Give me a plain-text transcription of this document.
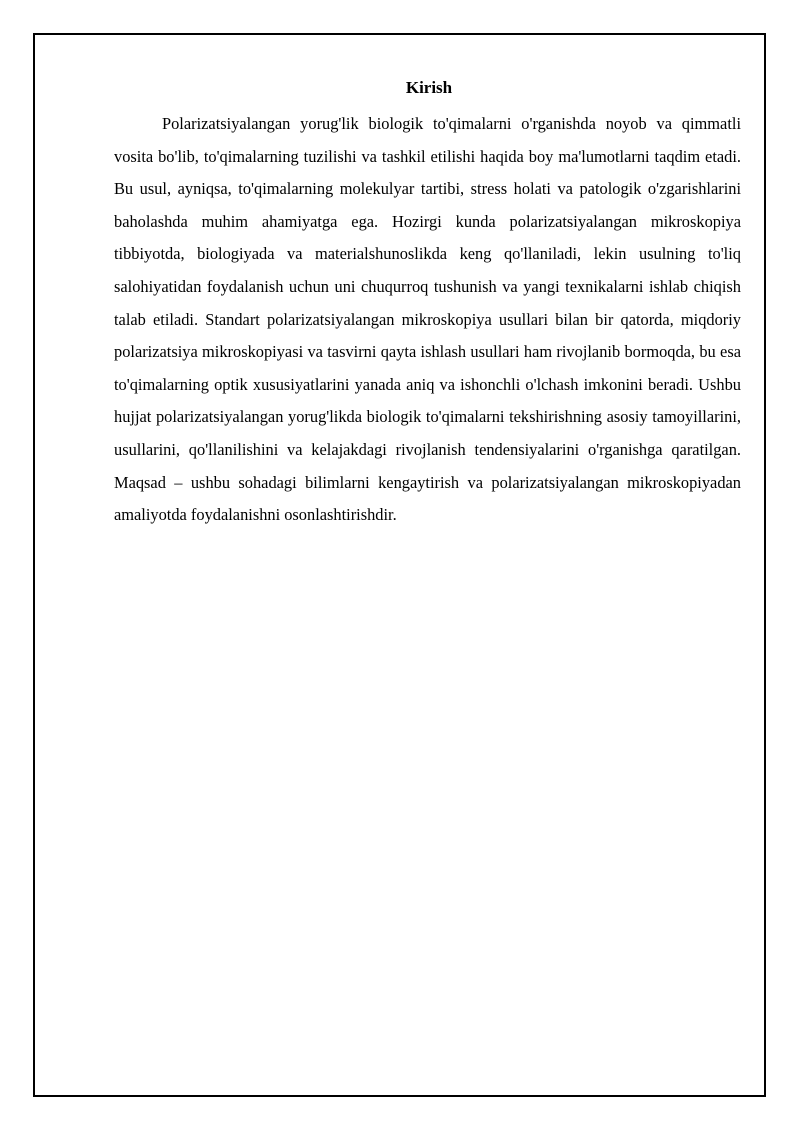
Kirish

Polarizatsiyalangan yorug'lik biologik to'qimalarni o'rganishda noyob va qimmatli vosita bo'lib, to'qimalarning tuzilishi va tashkil etilishi haqida boy ma'lumotlarni taqdim etadi. Bu usul, ayniqsa, to'qimalarning molekulyar tartibi, stress holati va patologik o'zgarishlarini baholashda muhim ahamiyatga ega. Hozirgi kunda polarizatsiyalangan mikroskopiya tibbiyotda, biologiyada va materialshunoslikda keng qo'llaniladi, lekin usulning to'liq salohiyatidan foydalanish uchun uni chuqurroq tushunish va yangi texnikalarni ishlab chiqish talab etiladi. Standart polarizatsiyalangan mikroskopiya usullari bilan bir qatorda, miqdoriy polarizatsiya mikroskopiyasi va tasvirni qayta ishlash usullari ham rivojlanib bormoqda, bu esa to'qimalarning optik xususiyatlarini yanada aniq va ishonchli o'lchash imkonini beradi. Ushbu hujjat polarizatsiyalangan yorug'likda biologik to'qimalarni tekshirishning asosiy tamoyillarini, usullarini, qo'llanilishini va kelajakdagi rivojlanish tendensiyalarini o'rganishga qaratilgan. Maqsad – ushbu sohadagi bilimlarni kengaytirish va polarizatsiyalangan mikroskopiyadan amaliyotda foydalanishni osonlashtirishdir.
